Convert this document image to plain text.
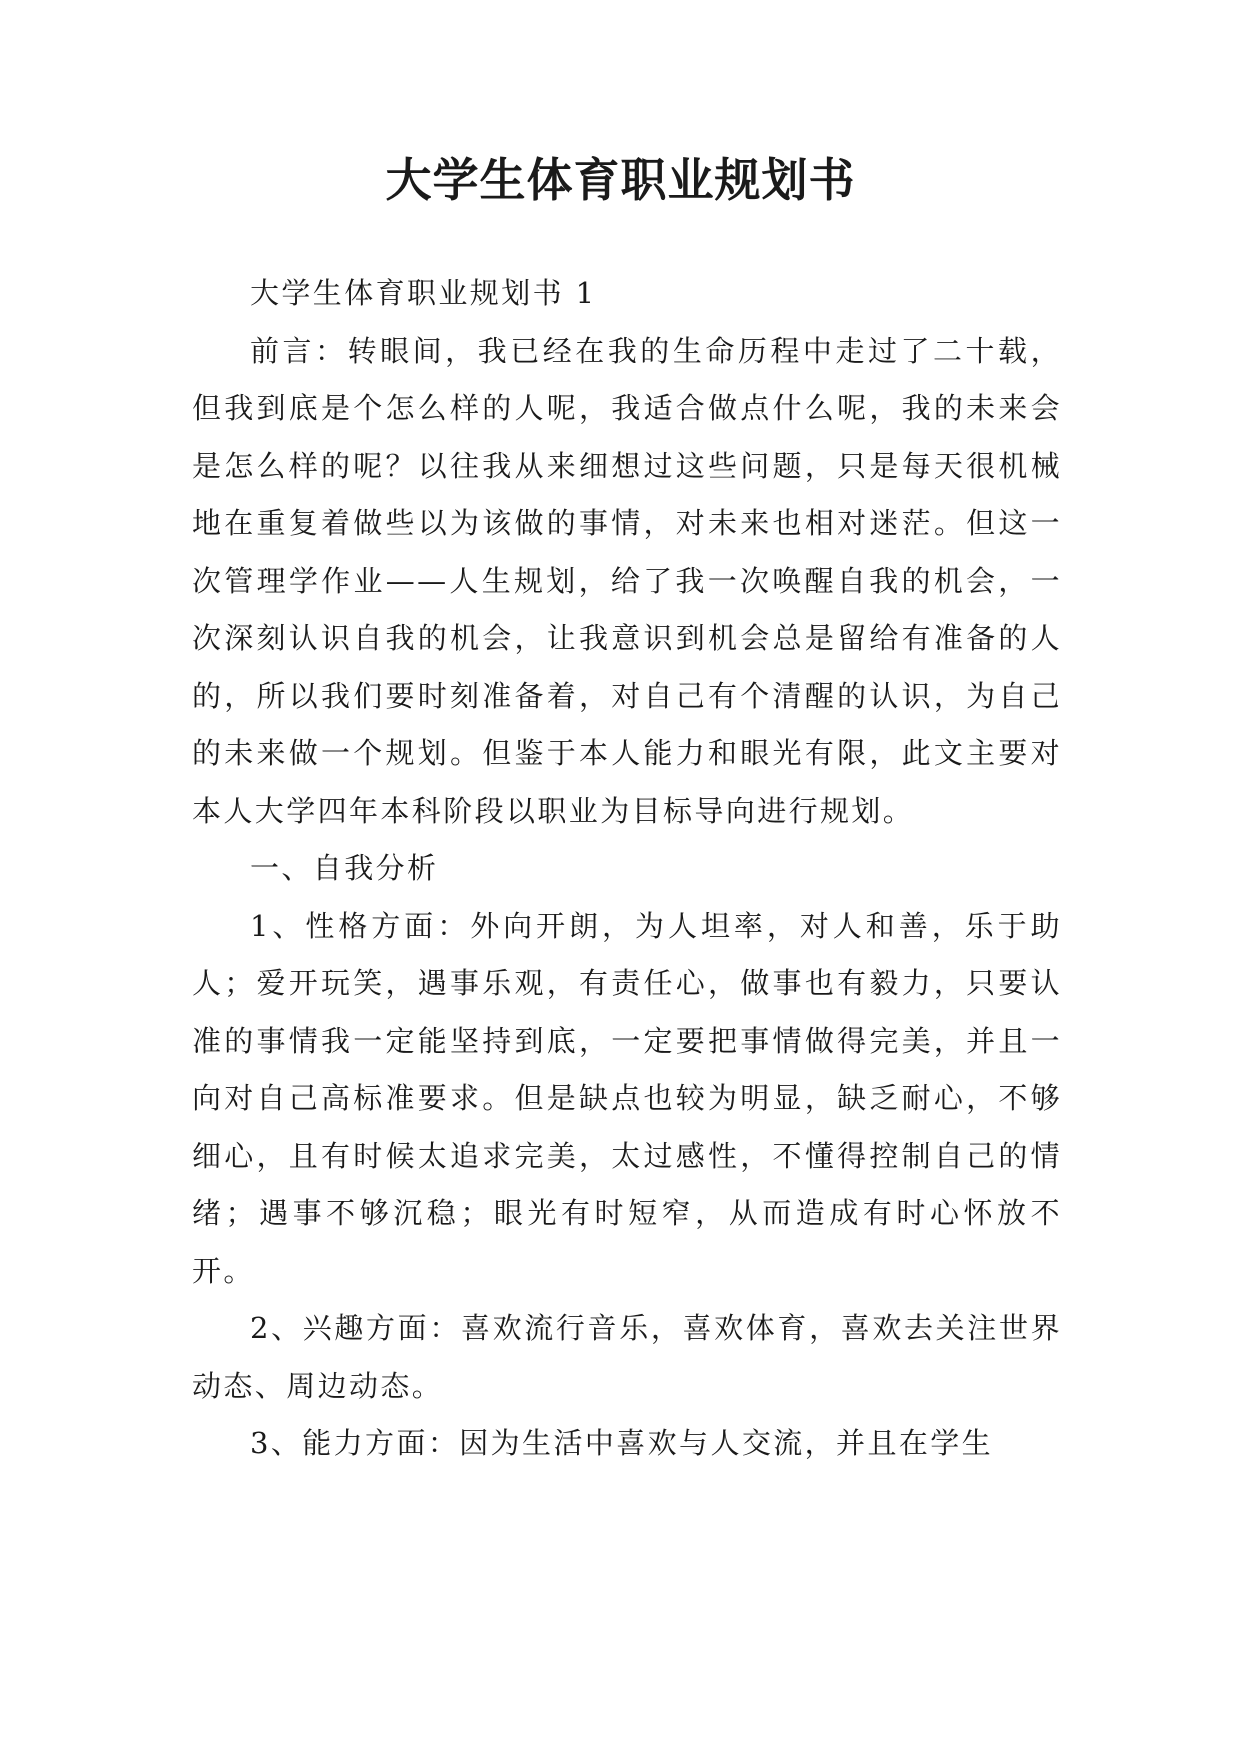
大学生体育职业规划书

大学生体育职业规划书 1

前言：转眼间，我已经在我的生命历程中走过了二十载，但我到底是个怎么样的人呢，我适合做点什么呢，我的未来会是怎么样的呢？以往我从来细想过这些问题，只是每天很机械地在重复着做些以为该做的事情，对未来也相对迷茫。但这一次管理学作业——人生规划，给了我一次唤醒自我的机会，一次深刻认识自我的机会，让我意识到机会总是留给有准备的人的，所以我们要时刻准备着，对自己有个清醒的认识，为自己的未来做一个规划。但鉴于本人能力和眼光有限，此文主要对本人大学四年本科阶段以职业为目标导向进行规划。

一、自我分析

1、性格方面：外向开朗，为人坦率，对人和善，乐于助人；爱开玩笑，遇事乐观，有责任心，做事也有毅力，只要认准的事情我一定能坚持到底，一定要把事情做得完美，并且一向对自己高标准要求。但是缺点也较为明显，缺乏耐心，不够细心，且有时候太追求完美，太过感性，不懂得控制自己的情绪；遇事不够沉稳；眼光有时短窄，从而造成有时心怀放不开。

2、兴趣方面：喜欢流行音乐，喜欢体育，喜欢去关注世界动态、周边动态。

3、能力方面：因为生活中喜欢与人交流，并且在学生
